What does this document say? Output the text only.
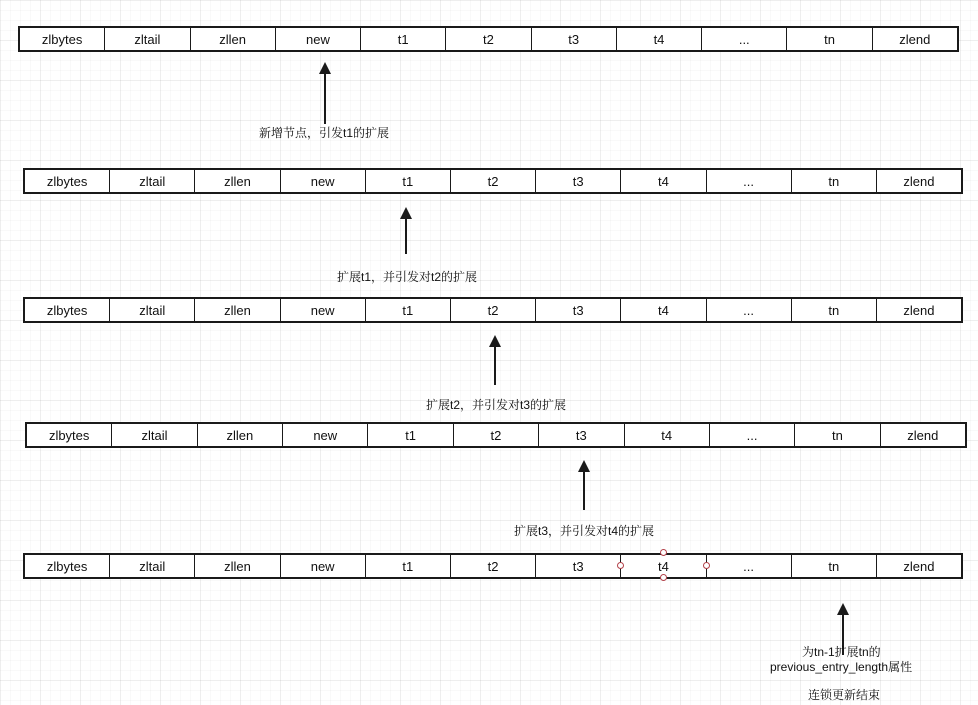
zlbytes	zltail	zllen	new	t1	t2	t3	t4	...	tn	zlend
zlbytes	zltail	zllen	new	t1	t2	t3	t4	...	tn	zlend
zlbytes	zltail	zllen	new	t1	t2	t3	t4	...	tn	zlend
zlbytes	zltail	zllen	new	t1	t2	t3	t4	...	tn	zlend
zlbytes	zltail	zllen	new	t1	t2	t3	t4	...	tn	zlend
新增节点，引发t1的扩展
扩展t1，并引发对t2的扩展
扩展t2，并引发对t3的扩展
扩展t3，并引发对t4的扩展
为tn-1扩展tn的
previous_entry_length属性
连锁更新结束
